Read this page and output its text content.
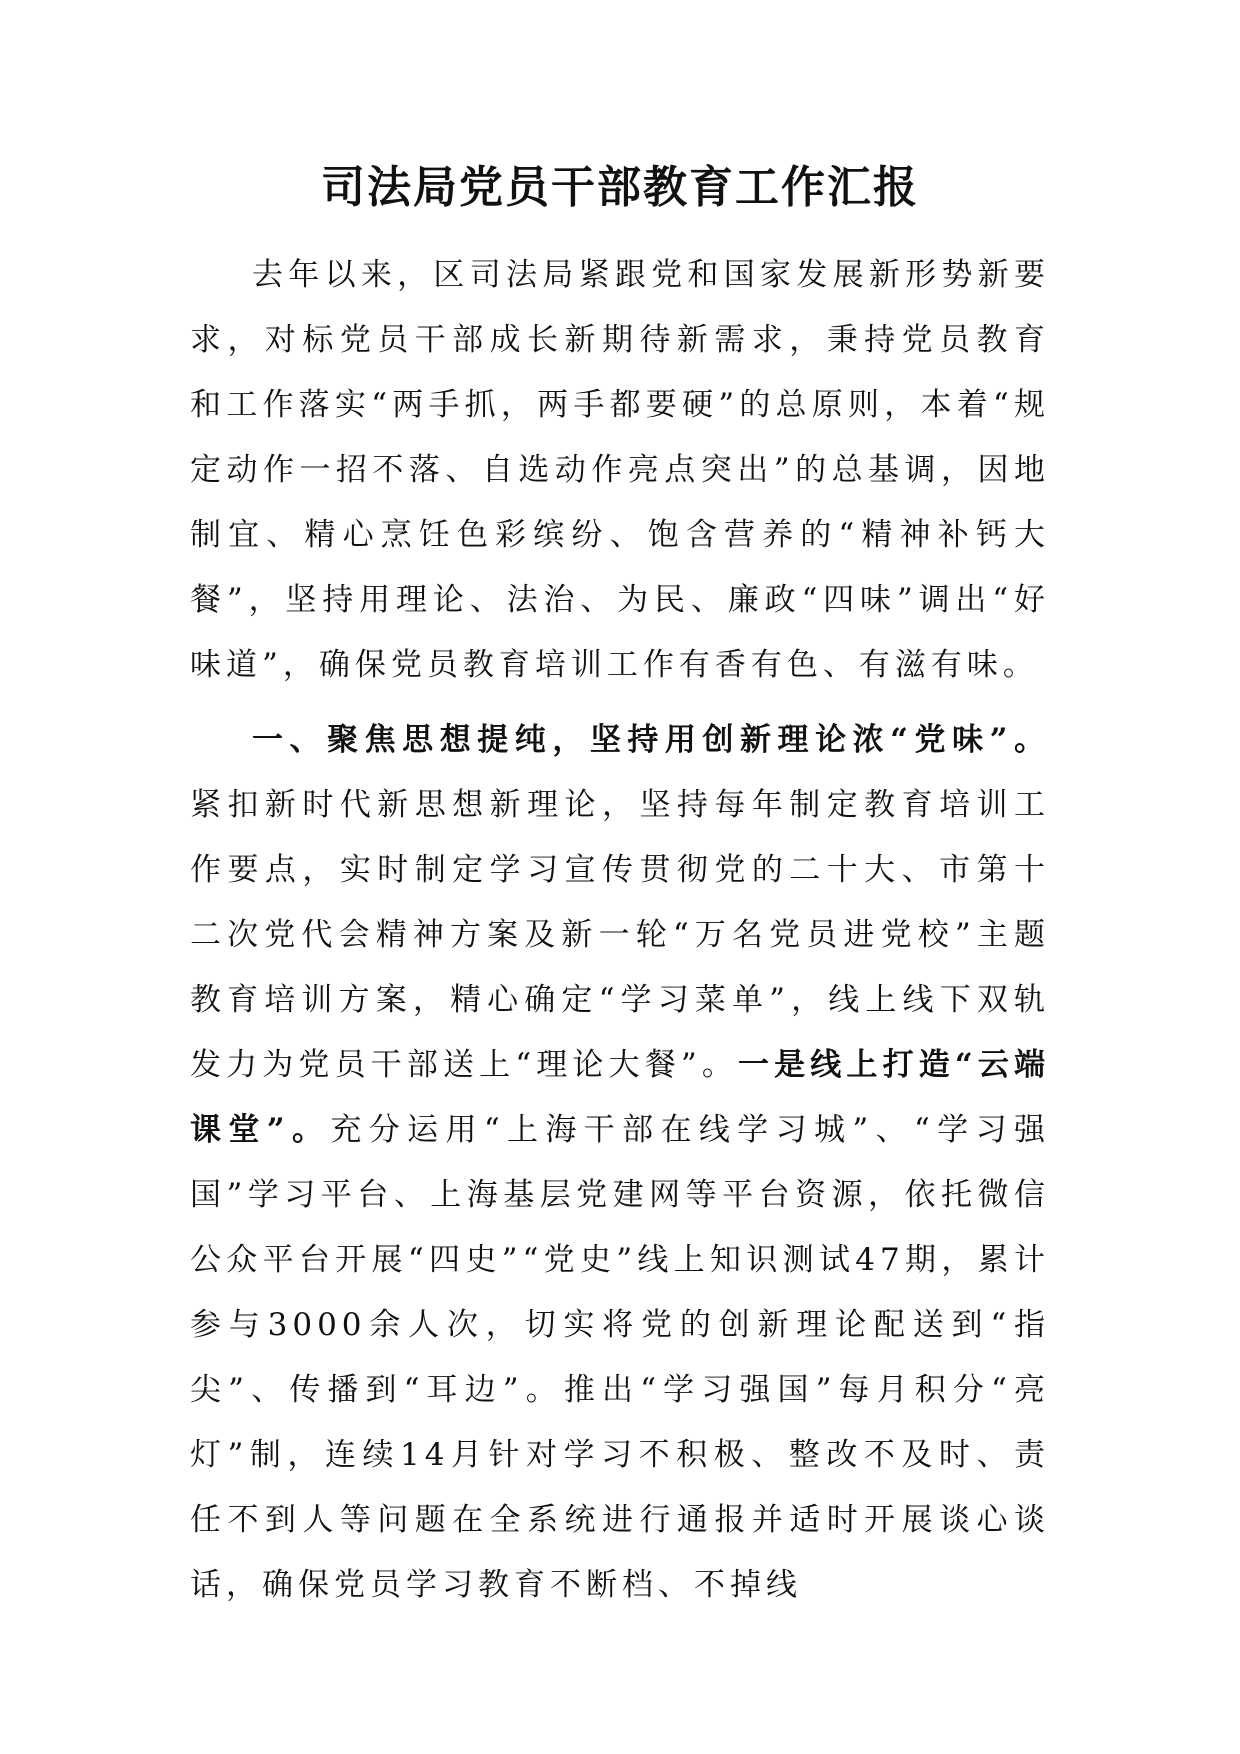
司法局党员干部教育工作汇报

去年以来，区司法局紧跟党和国家发展新形势新要求，对标党员干部成长新期待新需求，秉持党员教育和工作落实“两手抓，两手都要硬”的总原则，本着“规定动作一招不落、自选动作亮点突出”的总基调，因地制宜、精心烹饪色彩缤纷、饱含营养的“精神补钙大餐”，坚持用理论、法治、为民、廉政“四味”调出“好味道”，确保党员教育培训工作有香有色、有滋有味。

一、聚焦思想提纯，坚持用创新理论浓“党味”。紧扣新时代新思想新理论，坚持每年制定教育培训工作要点，实时制定学习宣传贯彻党的二十大、市第十二次党代会精神方案及新一轮“万名党员进党校”主题教育培训方案，精心确定“学习菜单”，线上线下双轨发力为党员干部送上“理论大餐”。一是线上打造“云端课堂”。充分运用“上海干部在线学习城”、“学习强国”学习平台、上海基层党建网等平台资源，依托微信公众平台开展“四史”“党史”线上知识测试47期，累计参与3000余人次，切实将党的创新理论配送到“指尖”、传播到“耳边”。推出“学习强国”每月积分“亮灯”制，连续14月针对学习不积极、整改不及时、责任不到人等问题在全系统进行通报并适时开展谈心谈话，确保党员学习教育不断档、不掉线
